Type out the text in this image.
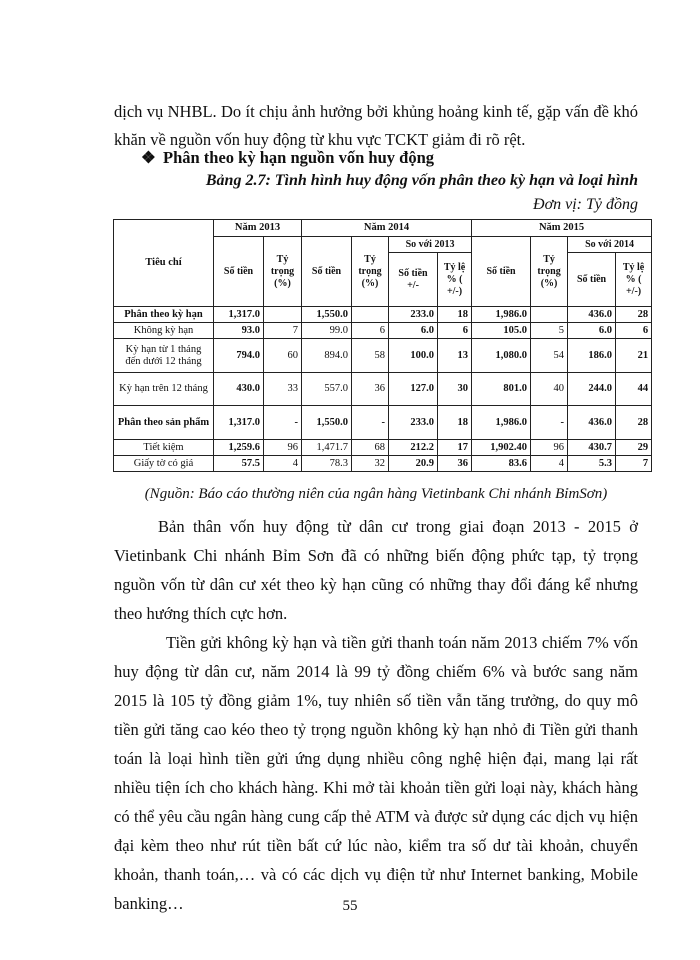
dịch vụ NHBL. Do ít chịu ảnh hưởng bởi khủng hoảng kinh tế, gặp vấn đề khó khăn về nguồn vốn huy động từ khu vực TCKT giảm đi rõ rệt.

❖ Phân theo kỳ hạn nguồn vốn huy động
Bảng 2.7: Tình hình huy động vốn phân theo kỳ hạn và loại hình
Đơn vị: Tỷ đồng
Tiêu chí	Năm 2013		Năm 2014				Năm 2015			
	Số tiền	Tỷ trọng (%)	Số tiền	Tỷ trọng (%)	So với 2013		Số tiền	Tỷ trọng (%)	So với 2014	
					Số tiền +/-	Tỷ lệ % ( +/-)			Số tiền	Tỷ lệ % ( +/-)
Phân theo kỳ hạn	1,317.0		1,550.0		233.0	18	1,986.0		436.0	28
Không kỳ hạn	93.0	7	99.0	6	6.0	6	105.0	5	6.0	6
Kỳ hạn từ 1 tháng đến dưới 12 tháng	794.0	60	894.0	58	100.0	13	1,080.0	54	186.0	21
Kỳ hạn trên 12 tháng	430.0	33	557.0	36	127.0	30	801.0	40	244.0	44
Phân theo sản phẩm	1,317.0	-	1,550.0	-	233.0	18	1,986.0	-	436.0	28
Tiết kiệm	1,259.6	96	1,471.7	68	212.2	17	1,902.40	96	430.7	29
Giấy tờ có giá	57.5	4	78.3	32	20.9	36	83.6	4	5.3	7
(Nguồn: Báo cáo thường niên của ngân hàng Vietinbank Chi nhánh BỉmSơn)

Bản thân vốn huy động từ dân cư trong giai đoạn 2013 - 2015 ở Vietinbank Chi nhánh Bỉm Sơn đã có những biến động phức tạp, tỷ trọng nguồn vốn từ dân cư xét theo kỳ hạn cũng có những thay đổi đáng kể nhưng theo hướng thích cực hơn.

Tiền gửi không kỳ hạn và tiền gửi thanh toán năm 2013 chiếm 7% vốn huy động từ dân cư, năm 2014 là 99 tỷ đồng chiếm 6% và bước sang năm 2015 là 105 tỷ đồng giảm 1%, tuy nhiên số tiền vẫn tăng trưởng, do quy mô tiền gửi tăng cao kéo theo tỷ trọng nguồn không kỳ hạn nhỏ đi Tiền gửi thanh toán là loại hình tiền gửi ứng dụng nhiều công nghệ hiện đại, mang lại rất nhiều tiện ích cho khách hàng. Khi mở tài khoản tiền gửi loại này, khách hàng có thể yêu cầu ngân hàng cung cấp thẻ ATM và được sử dụng các dịch vụ hiện đại kèm theo như rút tiền bất cứ lúc nào, kiểm tra số dư tài khoản, chuyển khoản, thanh toán,… và có các dịch vụ điện tử như Internet banking, Mobile banking…	55
